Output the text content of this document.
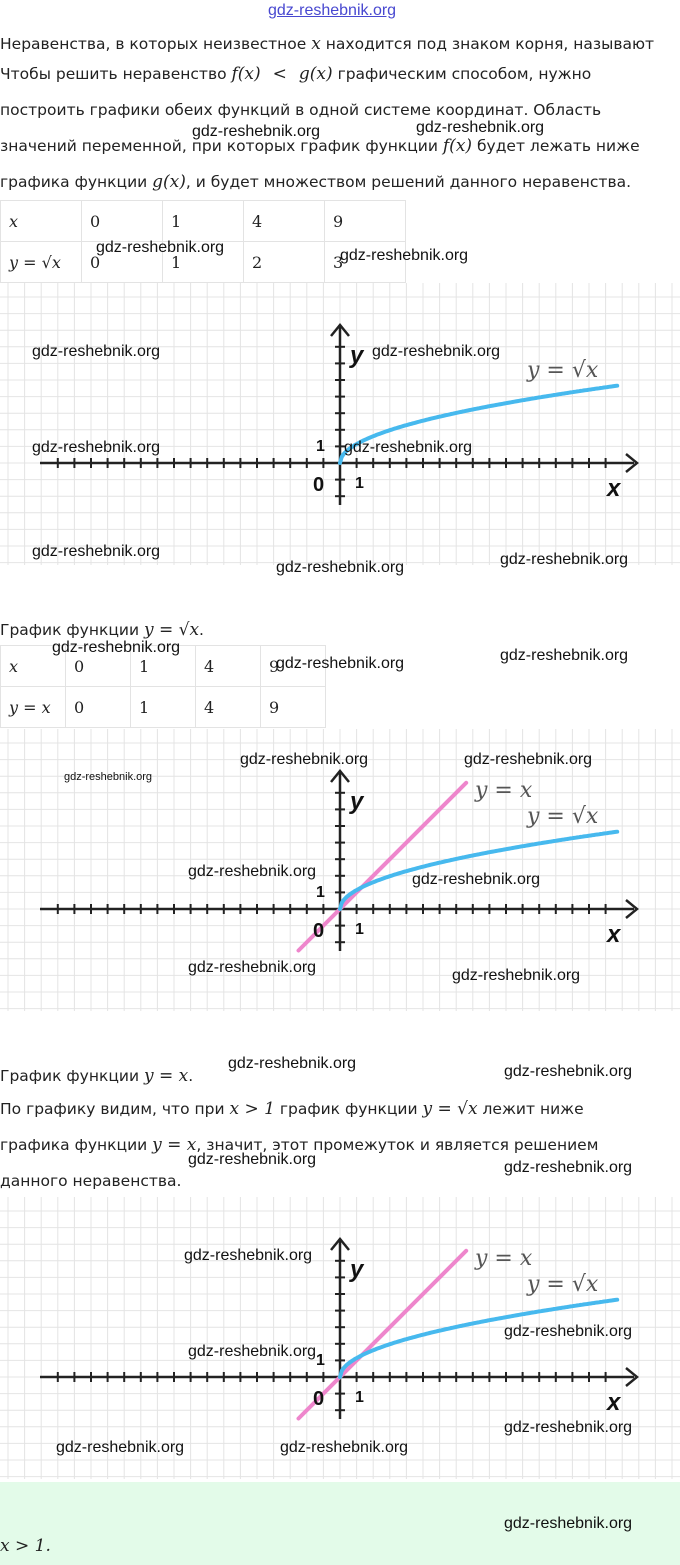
gdz-reshebnik.org
Неравенства, в которых неизвестное x находится под знаком корня, называют
Чтобы решить неравенство f(x) < g(x) графическим способом, нужно
построить графики обеих функций в одной системе координат. Область
значений переменной, при которых график функции f(x) будет лежать ниже
графика функции g(x), и будет множеством решений данного неравенства.
x	0	1	4	9
y = √x	0	1	2	3
y
x
0 1
1
y = √x
График функции y = √x.
x	0	1	4	9
y = x	0	1	4	9
y
x
0 1
1
y = x
y = √x
График функции y = x.
По графику видим, что при x > 1 график функции y = √x лежит ниже
графика функции y = x, значит, этот промежуток и является решением
данного неравенства.
y
x
0 1
1
y = x
y = √x
x > 1.
gdz-reshebnik.org	gdz-reshebnik.org
gdz-reshebnik.org	gdz-reshebnik.org
gdz-reshebnik.org	gdz-reshebnik.org
gdz-reshebnik.org	gdz-reshebnik.org
gdz-reshebnik.org	gdz-reshebnik.org
gdz-reshebnik.org
gdz-reshebnik.org	gdz-reshebnik.org
gdz-reshebnik.org
gdz-reshebnik.org	gdz-reshebnik.org
gdz-reshebnik.org
gdz-reshebnik.org	gdz-reshebnik.org
gdz-reshebnik.org	gdz-reshebnik.org
gdz-reshebnik.org	gdz-reshebnik.org
gdz-reshebnik.org	gdz-reshebnik.org
gdz-reshebnik.org
gdz-reshebnik.org
gdz-reshebnik.org
gdz-reshebnik.org
gdz-reshebnik.org	gdz-reshebnik.org
gdz-reshebnik.org
